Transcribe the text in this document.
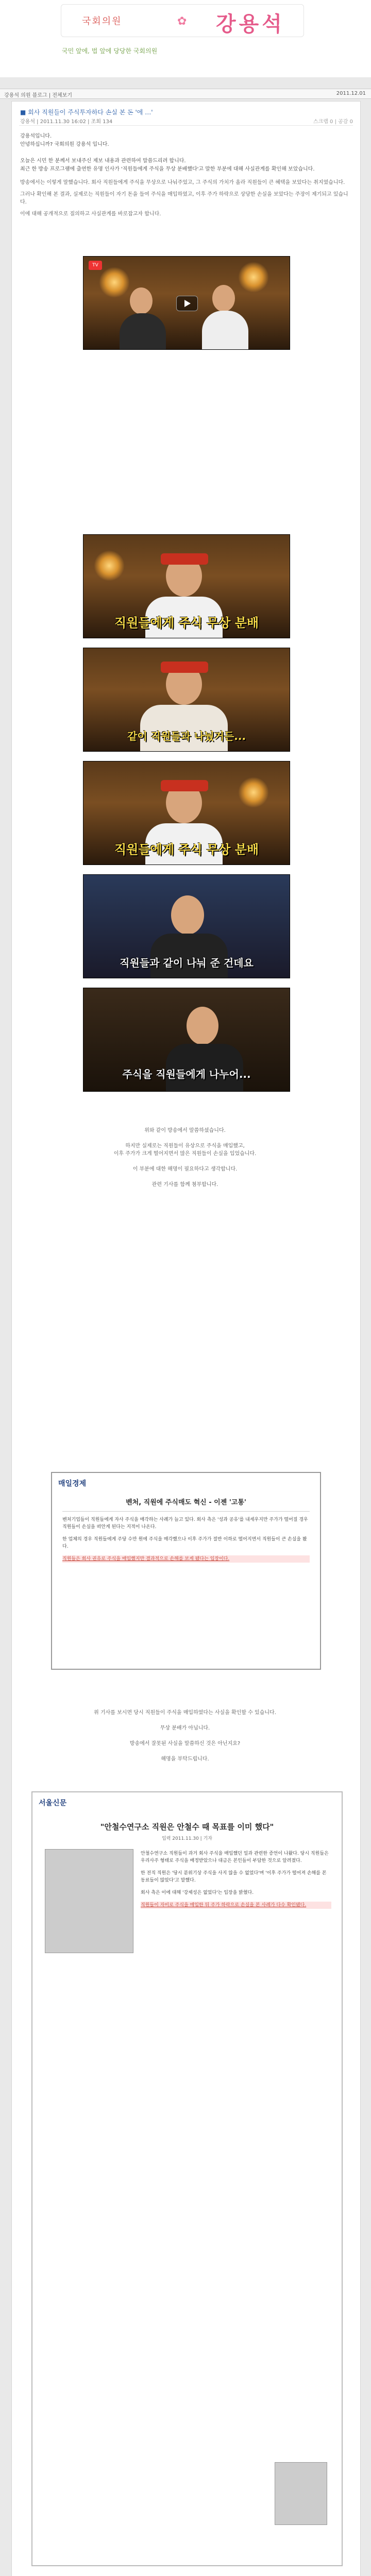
국회의원	✿ 강용석
국민 앞에, 법 앞에 당당한 국회의원
강용석 의원 블로그 | 전체보기	2011.12.01
■ 회사 직원들이 주식투자하다 손실 본 돈 '에 …'
강용석 | 2011.11.30 16:02 | 조회 134	스크랩 0 | 공감 0
강용석입니다.
안녕하십니까? 국회의원 강용석 입니다.
오늘은 시민 한 분께서 보내주신 제보 내용과 관련하여 말씀드리려 합니다.
최근 한 방송 프로그램에 출연한 유명 인사가 '직원들에게 주식을 무상 분배했다'고 말한 부분에 대해 사실관계를 확인해 보았습니다.
방송에서는 이렇게 말했습니다. 회사 직원들에게 주식을 무상으로 나눠주었고, 그 주식의 가치가 올라 직원들이 큰 혜택을 보았다는 취지였습니다.
그러나 확인해 본 결과, 실제로는 직원들이 자기 돈을 들여 주식을 매입하였고, 이후 주가 하락으로 상당한 손실을 보았다는 주장이 제기되고 있습니다.
이에 대해 공개적으로 질의하고 사실관계를 바로잡고자 합니다.
TV
직원들에게 주식 무상 분배
같이 직원들과 나눴거든...
직원들에게 주식 무상 분배
직원들과 같이 나눠 준 건데요
주식을 직원들에게 나누어...
위와 같이 방송에서 말씀하셨습니다.
하지만 실제로는 직원들이 유상으로 주식을 매입했고,
이후 주가가 크게 떨어지면서 많은 직원들이 손실을 입었습니다.
이 부분에 대한 해명이 필요하다고 생각합니다.
관련 기사를 함께 첨부합니다.
매일경제
벤처, 직원에 주식매도 혁신 - 이젠 '고통'
벤처기업들이 직원들에게 자사 주식을 매각하는 사례가 늘고 있다. 회사 측은 '성과 공유'를 내세우지만 주가가 떨어질 경우 직원들이 손실을 떠안게 된다는 지적이 나온다.
한 업체의 경우 직원들에게 주당 수만 원에 주식을 매각했으나 이후 주가가 절반 이하로 떨어지면서 직원들이 큰 손실을 봤다.
직원들은 회사 권유로 주식을 매입했지만 결과적으로 손해를 보게 됐다는 입장이다.
위 기사를 보시면 당시 직원들이 주식을 매입하였다는 사실을 확인할 수 있습니다.
무상 분배가 아닙니다.
방송에서 잘못된 사실을 말씀하신 것은 아닌지요?
해명을 부탁드립니다.
서울신문
"안철수연구소 직원은 안철수 때 목표를 이미 했다"
입력 2011.11.30 | 기자
안철수연구소 직원들이 과거 회사 주식을 매입했던 일과 관련한 증언이 나왔다. 당시 직원들은 우리사주 형태로 주식을 배정받았으나 대금은 본인들이 부담한 것으로 알려졌다.
한 전직 직원은 '당시 분위기상 주식을 사지 않을 수 없었다'며 '이후 주가가 떨어져 손해를 본 동료들이 많았다'고 말했다.
회사 측은 이에 대해 '강제성은 없었다'는 입장을 밝혔다.
직원들이 자비로 주식을 매입한 뒤 주가 하락으로 손실을 본 사례가 다수 확인됐다.
